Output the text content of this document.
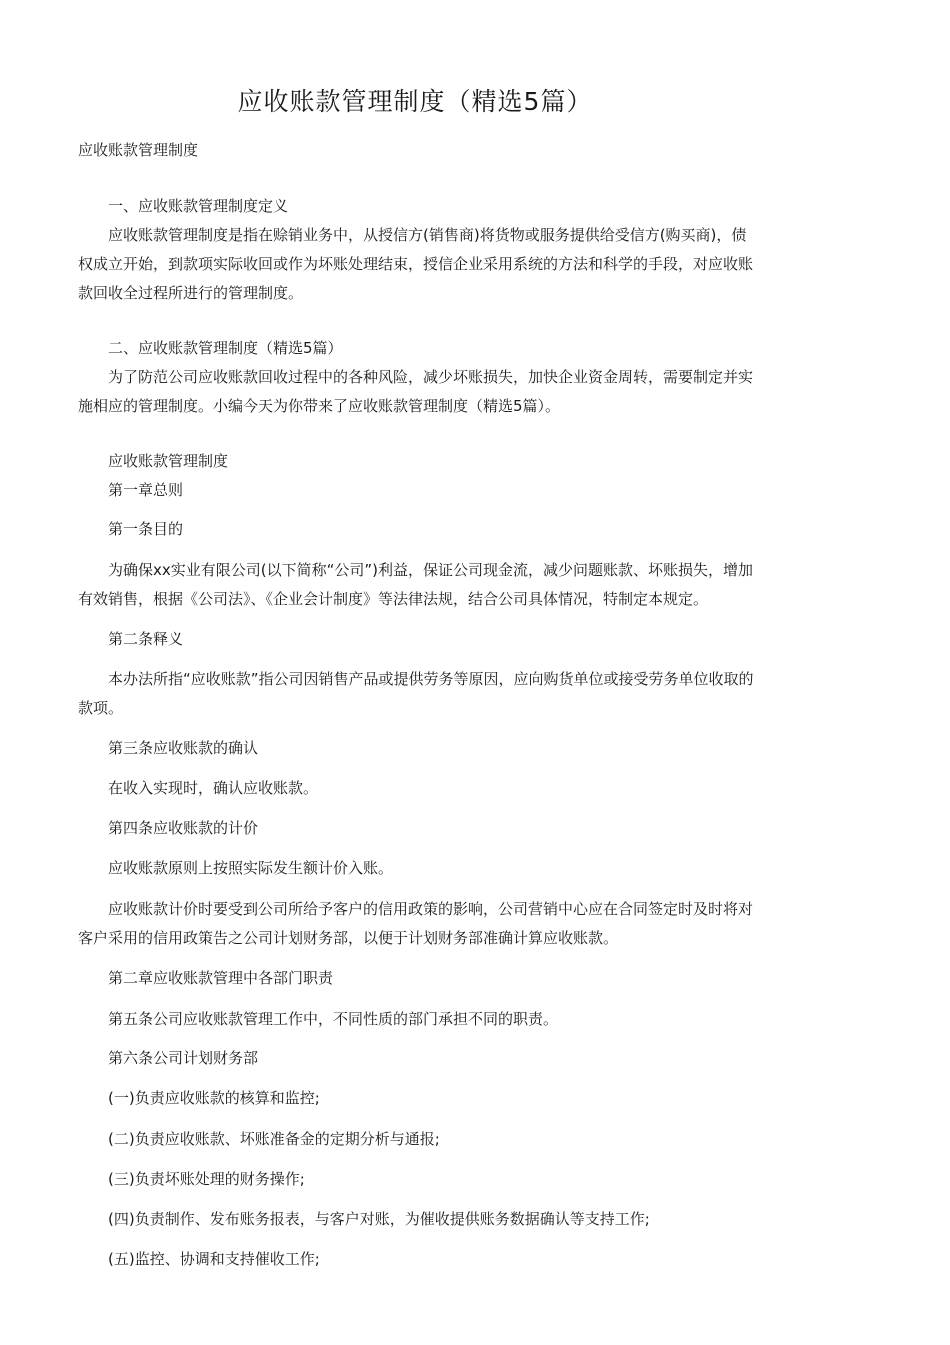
应收账款管理制度（精选5篇）
应收账款管理制度
一、应收账款管理制度定义
应收账款管理制度是指在赊销业务中，从授信方(销售商)将货物或服务提供给受信方(购买商)，债
权成立开始，到款项实际收回或作为坏账处理结束，授信企业采用系统的方法和科学的手段，对应收账
款回收全过程所进行的管理制度。
二、应收账款管理制度（精选5篇）
为了防范公司应收账款回收过程中的各种风险，减少坏账损失，加快企业资金周转，需要制定并实
施相应的管理制度。小编今天为你带来了应收账款管理制度（精选5篇）。
应收账款管理制度
第一章总则
第一条目的
为确保xx实业有限公司(以下简称“公司”)利益，保证公司现金流，减少问题账款、坏账损失，增加
有效销售，根据《公司法》、《企业会计制度》等法律法规，结合公司具体情况，特制定本规定。
第二条释义
本办法所指“应收账款”指公司因销售产品或提供劳务等原因，应向购货单位或接受劳务单位收取的
款项。
第三条应收账款的确认
在收入实现时，确认应收账款。
第四条应收账款的计价
应收账款原则上按照实际发生额计价入账。
应收账款计价时要受到公司所给予客户的信用政策的影响，公司营销中心应在合同签定时及时将对
客户采用的信用政策告之公司计划财务部，以便于计划财务部准确计算应收账款。
第二章应收账款管理中各部门职责
第五条公司应收账款管理工作中，不同性质的部门承担不同的职责。
第六条公司计划财务部
(一)负责应收账款的核算和监控;
(二)负责应收账款、坏账准备金的定期分析与通报;
(三)负责坏账处理的财务操作;
(四)负责制作、发布账务报表，与客户对账，为催收提供账务数据确认等支持工作;
(五)监控、协调和支持催收工作;
